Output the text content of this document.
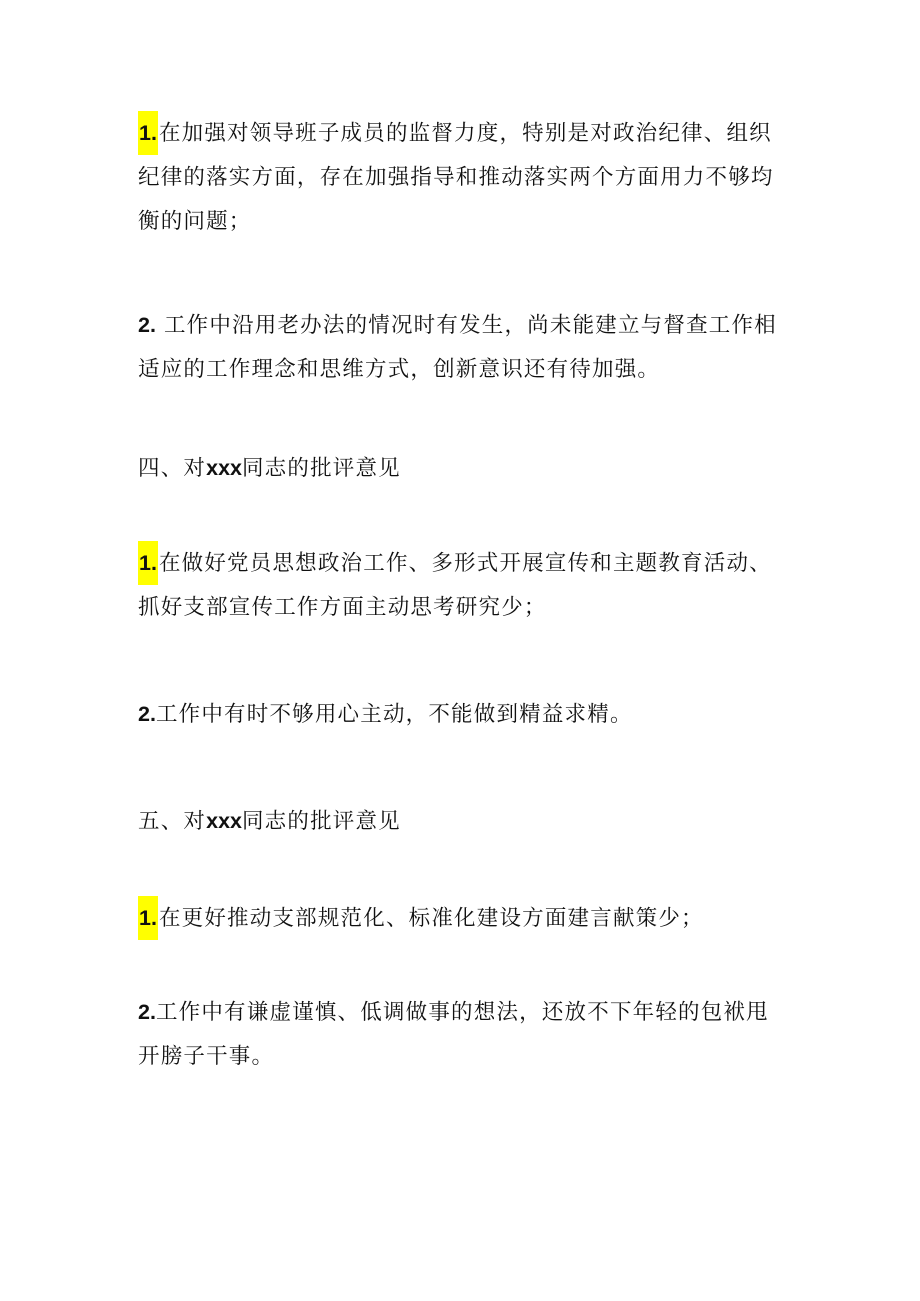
1.在加强对领导班子成员的监督力度，特别是对政治纪律、组织
纪律的落实方面，存在加强指导和推动落实两个方面用力不够均
衡的问题；

2. 工作中沿用老办法的情况时有发生，尚未能建立与督查工作相
适应的工作理念和思维方式，创新意识还有待加强。

四、对xxx同志的批评意见

1.在做好党员思想政治工作、多形式开展宣传和主题教育活动、
抓好支部宣传工作方面主动思考研究少；

2.工作中有时不够用心主动，不能做到精益求精。

五、对xxx同志的批评意见

1.在更好推动支部规范化、标准化建设方面建言献策少；

2.工作中有谦虚谨慎、低调做事的想法，还放不下年轻的包袱甩
开膀子干事。
